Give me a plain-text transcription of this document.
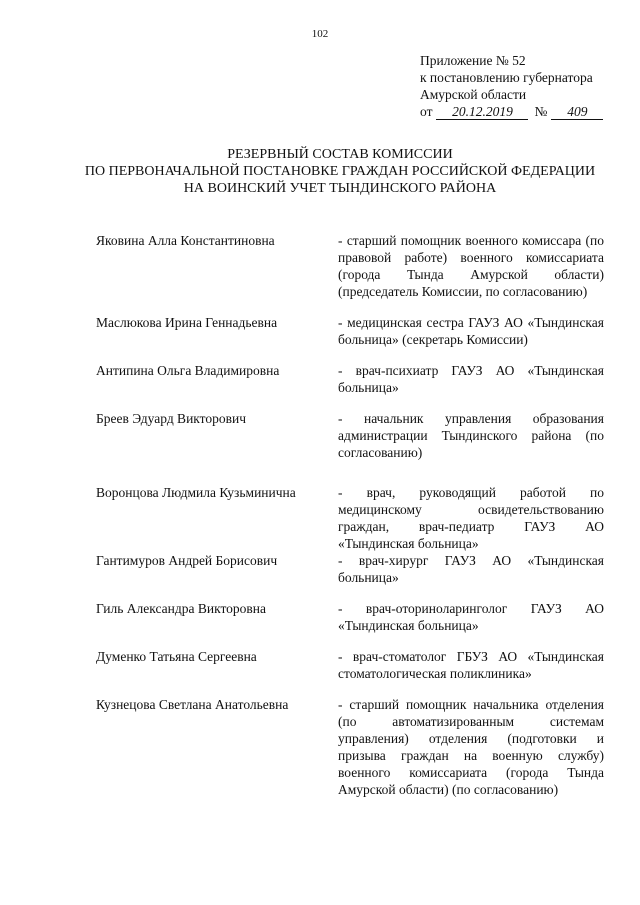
102
Приложение № 52
к постановлению губернатора
Амурской области
от 20.12.2019 № 409
РЕЗЕРВНЫЙ СОСТАВ КОМИССИИ
ПО ПЕРВОНАЧАЛЬНОЙ ПОСТАНОВКЕ ГРАЖДАН РОССИЙСКОЙ ФЕДЕРАЦИИ
НА ВОИНСКИЙ УЧЕТ ТЫНДИНСКОГО РАЙОНА
Яковина Алла Константиновна	- старший помощник военного комиссара (по правовой работе) военного комиссариата (города Тында Амурской области) (председатель Комиссии, по согласованию)
Маслюкова Ирина Геннадьевна	- медицинская сестра ГАУЗ АО «Тындинская больница» (секретарь Комиссии)
Антипина Ольга Владимировна	- врач-психиатр ГАУЗ АО «Тындинская больница»
Бреев Эдуард Викторович	- начальник управления образования администрации Тындинского района (по согласованию)
Воронцова Людмила Кузьминична	- врач, руководящий работой по медицинскому освидетельствованию граждан, врач-педиатр ГАУЗ АО «Тындинская больница»
Гантимуров Андрей Борисович	- врач-хирург ГАУЗ АО «Тындинская больница»
Гиль Александра Викторовна	- врач-оториноларинголог ГАУЗ АО «Тындинская больница»
Думенко Татьяна Сергеевна	- врач-стоматолог ГБУЗ АО «Тындинская стоматологическая поликлиника»
Кузнецова Светлана Анатольевна	- старший помощник начальника отделения (по автоматизированным системам управления) отделения (подготовки и призыва граждан на военную службу) военного комиссариата (города Тында Амурской области) (по согласованию)
